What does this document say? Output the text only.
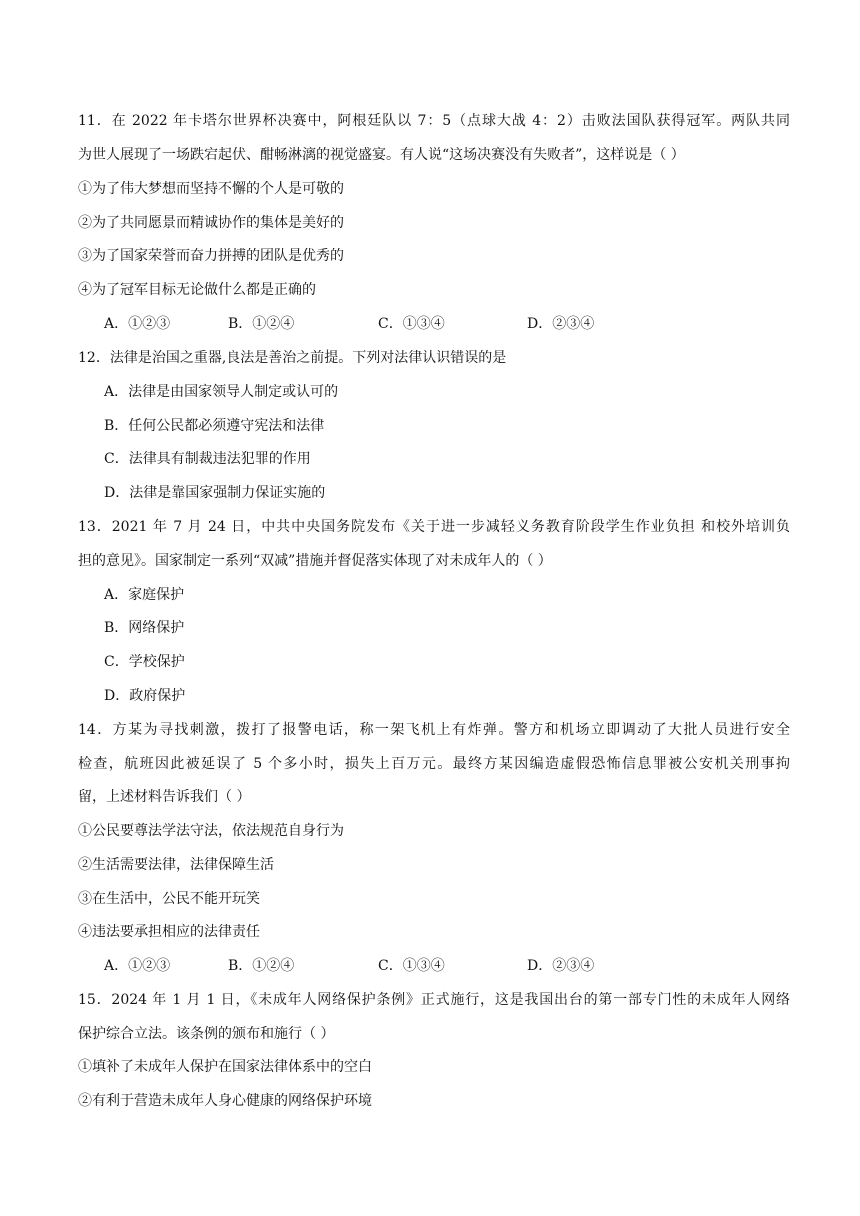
11．在 2022 年卡塔尔世界杯决赛中，阿根廷队以 7：5（点球大战 4：2）击败法国队获得冠军。两队共同
为世人展现了一场跌宕起伏、酣畅淋漓的视觉盛宴。有人说“这场决赛没有失败者”，这样说是（ ）
①为了伟大梦想而坚持不懈的个人是可敬的
②为了共同愿景而精诚协作的集体是美好的
③为了国家荣誉而奋力拼搏的团队是优秀的
④为了冠军目标无论做什么都是正确的
A．①②③	B．①②④	C．①③④	D．②③④
12．法律是治国之重器,良法是善治之前提。下列对法律认识错误的是
A．法律是由国家领导人制定或认可的
B．任何公民都必须遵守宪法和法律
C．法律具有制裁违法犯罪的作用
D．法律是靠国家强制力保证实施的
13．2021 年 7 月 24 日，中共中央国务院发布《关于进一步减轻义务教育阶段学生作业负担 和校外培训负
担的意见》。国家制定一系列“双减”措施并督促落实体现了对未成年人的（ ）
A．家庭保护
B．网络保护
C．学校保护
D．政府保护
14．方某为寻找刺激，拨打了报警电话，称一架飞机上有炸弹。警方和机场立即调动了大批人员进行安全
检查，航班因此被延误了 5 个多小时，损失上百万元。最终方某因编造虚假恐怖信息罪被公安机关刑事拘
留，上述材料告诉我们（ ）
①公民要尊法学法守法，依法规范自身行为
②生活需要法律，法律保障生活
③在生活中，公民不能开玩笑
④违法要承担相应的法律责任
A．①②③	B．①②④	C．①③④	D．②③④
15．2024 年 1 月 1 日，《未成年人网络保护条例》正式施行，这是我国出台的第一部专门性的未成年人网络
保护综合立法。该条例的颁布和施行（ ）
①填补了未成年人保护在国家法律体系中的空白
②有利于营造未成年人身心健康的网络保护环境
